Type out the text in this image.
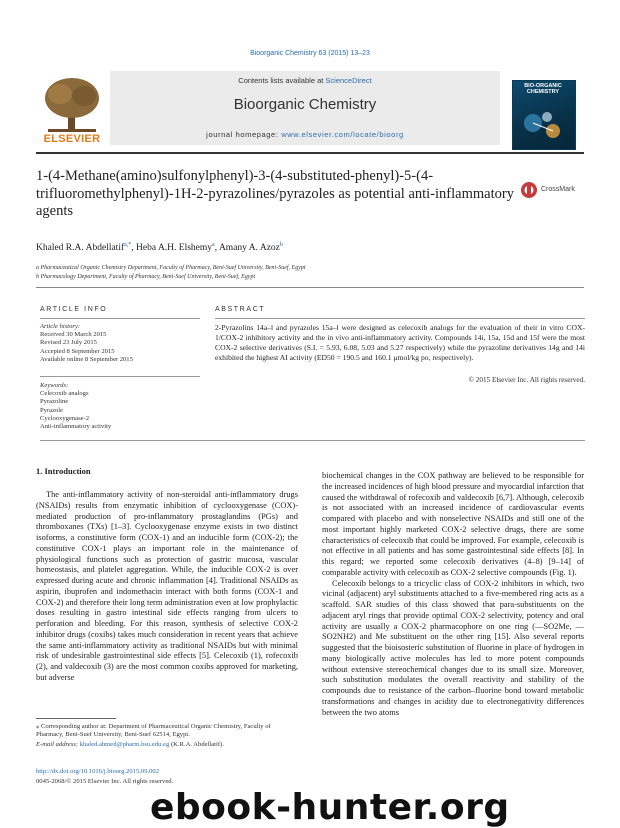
Bioorganic Chemistry 63 (2015) 13–23
ELSEVIER
Contents lists available at ScienceDirect
Bioorganic Chemistry
journal homepage: www.elsevier.com/locate/bioorg
BIO-ORGANIC CHEMISTRY
1-(4-Methane(amino)sulfonylphenyl)-3-(4-substituted-phenyl)-5-(4-trifluoromethylphenyl)-1H-2-pyrazolines/pyrazoles as potential anti-inflammatory agents
CrossMark
Khaled R.A. Abdellatif$^{a,*}$, Heba A.H. Elshemy$^a$, Amany A. Azoz$^b$
a Pharmaceutical Organic Chemistry Department, Faculty of Pharmacy, Beni-Suef University, Beni-Suef, Egypt
b Pharmacology Department, Faculty of Pharmacy, Beni-Suef University, Beni-Suef, Egypt
ARTICLE INFO	ABSTRACT
Article history:
Received 30 March 2015
Revised 23 July 2015
Accepted 8 September 2015
Available online 8 September 2015
Keywords:
Celecoxib analogs
Pyrazoline
Pyrazole
Cyclooxygenase-2
Anti-inflammatory activity
2-Pyrazolins 14a–l and pyrazoles 15a–l were designed as celecoxib analogs for the evaluation of their in vitro COX-1/COX-2 inhibitory activity and the in vivo anti-inflammatory activity. Compounds 14i, 15a, 15d and 15f were the most COX-2 selective derivatives (S.I. = 5.93, 6.08, 5.03 and 5.27 respectively) while the pyrazoline derivatives 14g and 14i exhibited the highest AI activity (ED50 = 190.5 and 160.1 μmol/kg po, respectively).
© 2015 Elsevier Inc. All rights reserved.
1. Introduction

The anti-inflammatory activity of non-steroidal anti-inflammatory drugs (NSAIDs) results from enzymatic inhibition of cyclooxygenase (COX)-mediated production of pro-inflammatory prostaglandins (PGs) and thromboxanes (TXs) [1–3]. Cyclooxygenase enzyme exists in two distinct isoforms, a constitutive form (COX-1) and an inducible form (COX-2); the constitutive COX-1 plays an important role in the maintenance of physiological functions such as protection of gastric mucosa, vascular homeostasis, and platelet aggregation. While, the inducible COX-2 is over expressed during acute and chronic inflammation [4]. Traditional NSAIDs as aspirin, ibuprofen and indomethacin interact with both forms (COX-1 and COX-2) and therefore their long term administration even at low prophylactic doses resulting in gastro intestinal side effects ranging from ulcers to perforation and bleeding. For this reason, synthesis of selective COX-2 inhibitor drugs (coxibs) takes much consideration in recent years that achieve the same anti-inflammatory activity as traditional NSAIDs but with minimal risk of undesirable gastrointestinal side effects [5]. Celecoxib (1), rofecoxib (2), and valdecoxib (3) are the most common coxibs approved for marketing, but adverse

biochemical changes in the COX pathway are believed to be responsible for the increased incidences of high blood pressure and myocardial infarction that caused the withdrawal of rofecoxib and valdecoxib [6,7]. Although, celecoxib is not associated with an increased incidence of cardiovascular events compared with placebo and with nonselective NSAIDs and still one of the most important highly marketed COX-2 selective drugs, there are some characteristics of celecoxib that could be improved. For example, celecoxib is not effective in all patients and has some gastrointestinal side effects [8]. In this regard; we reported some celecoxib derivatives (4–8) [9–14] of comparable activity with celecoxib as COX-2 selective compounds (Fig. 1).

Celecoxib belongs to a tricyclic class of COX-2 inhibitors in which, two vicinal (adjacent) aryl substituents attached to a five-membered ring acts as a scaffold. SAR studies of this class showed that para-substituents on the adjacent aryl rings that provide optimal COX-2 selectivity, potency and oral activity are usually a COX-2 pharmacophore on one ring (—SO2Me, —SO2NH2) and Me substituent on the other ring [15]. Also several reports suggested that the bioisosteric substitution of fluorine in place of hydrogen in many biologically active molecules has led to more potent compounds without extensive stereochemical changes due to its small size. Moreover, such substitution modulates the overall reactivity and stability of the compounds due to resistance of the carbon–fluorine bond toward metabolic transformations and changes in acidity due to electronegativity differences between the two atoms

⁎ Corresponding author at: Department of Pharmaceutical Organic Chemistry, Faculty of Pharmacy, Beni-Suef University, Beni-Suef 62514, Egypt.
E-mail address: khaled.ahmed@pharm.bsu.edu.eg (K.R.A. Abdellatif).
http://dx.doi.org/10.1016/j.bioorg.2015.09.002
0045-2068/© 2015 Elsevier Inc. All rights reserved.
ebook-hunter.org
